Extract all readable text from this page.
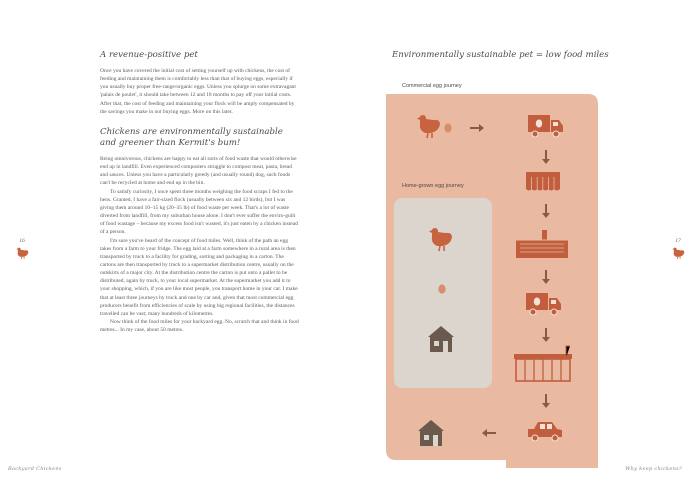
A revenue-positive pet

Once you have covered the initial cost of setting yourself up with chickens, the cost of feeding and maintaining them is comfortably less than that of buying eggs, especially if you usually buy proper free-range/organic eggs. Unless you splurge on some extravagant 'palais de poulet', it should take between 12 and 18 months to pay off your initial costs. After that, the cost of feeding and maintaining your flock will be amply compensated by the savings you make in not buying eggs. More on this later.

Chickens are environmentally sustainable and greener than Kermit's bum!

Being omnivorous, chickens are happy to eat all sorts of food waste that would otherwise end up in landfill. Even experienced composters struggle to compost meat, pasta, bread and sauces. Unless you have a particularly greedy (and usually round) dog, such foods can't be recycled at home and end up in the bin.

To satisfy curiosity, I once spent three months weighing the food scraps I fed to the hens. Granted, I have a fair-sized flock (usually between six and 12 birds), but I was giving them around 10–15 kg (20–35 lb) of food waste per week. That's a lot of waste diverted from landfill, from my suburban house alone. I don't ever suffer the enviro-guilt of food wastage – because my excess food isn't wasted, it's just eaten by a chicken instead of a person.

I'm sure you've heard of the concept of food miles. Well, think of the path an egg takes from a farm to your fridge. The egg laid at a farm somewhere in a rural area is then transported by truck to a facility for grading, sorting and packaging in a carton. The cartons are then transported by truck to a supermarket distribution centre, usually on the outskirts of a major city. At the distribution centre the carton is put onto a pallet to be distributed, again by truck, to your local supermarket. At the supermarket you add it to your shopping, which, if you are like most people, you transport home in your car. I make that at least three journeys by truck and one by car and, given that most commercial egg producers benefit from efficiencies of scale by using big regional facilities, the distances travelled can be vast; many hundreds of kilometres.

Now think of the food miles for your backyard egg. No, scratch that and think in food metres... In my case, about 50 metres.

16
Backyard Chickens
Environmentally sustainable pet = low food miles
17
Why keep chickens?
Commercial egg journey
Home-grown egg journey
